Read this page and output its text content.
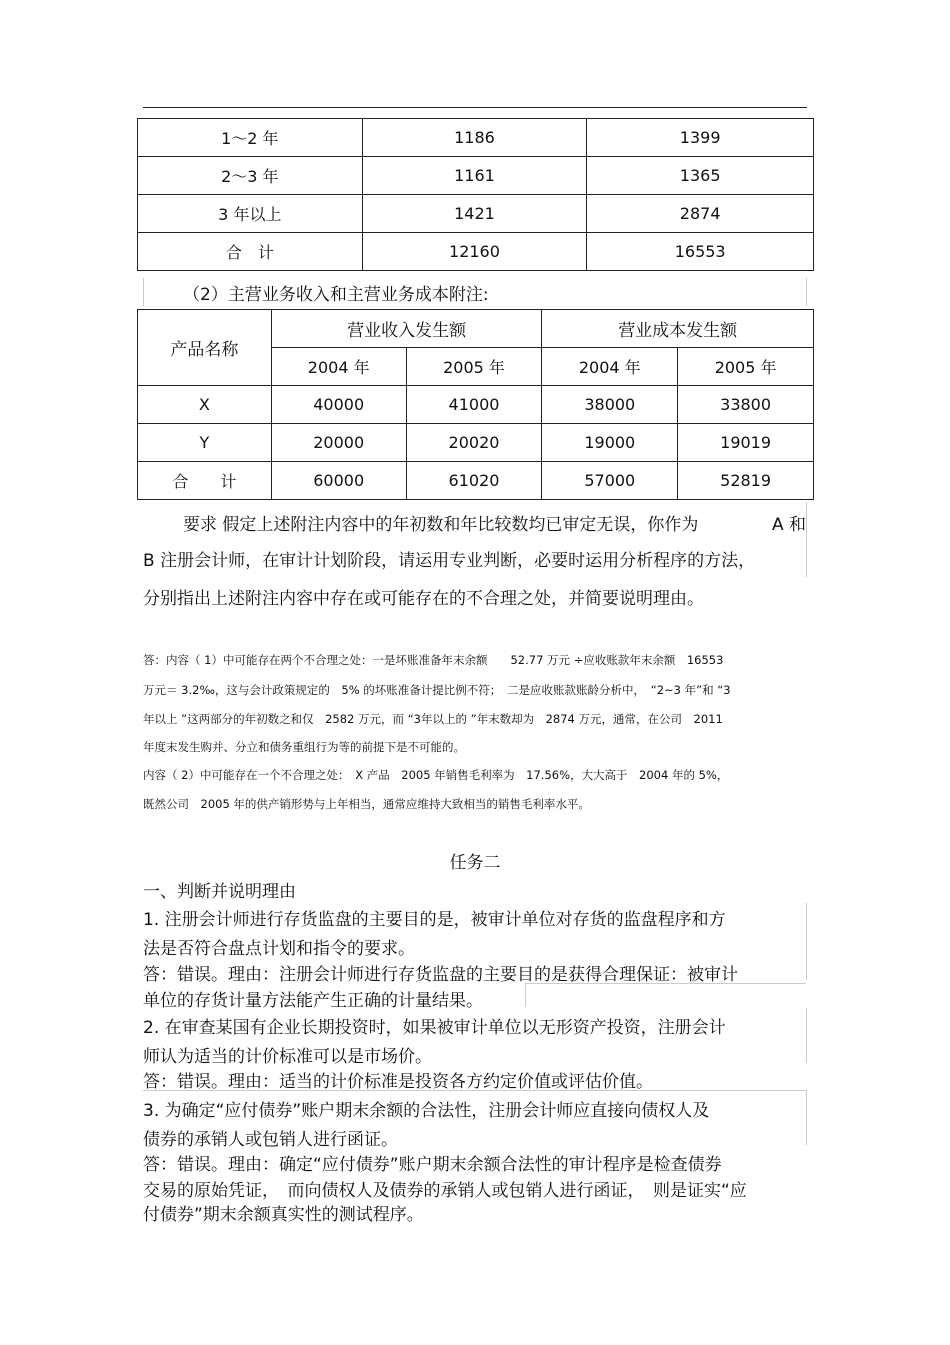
1～2 年	1186	1399
2～3 年	1161	1365
3 年以上	1421	2874
合　计	12160	16553
（2）主营业务收入和主营业务成本附注:
产品名称	营业收入发生额		营业成本发生额	
	2004 年	2005 年	2004 年	2005 年
X	40000	41000	38000	33800
Y	20000	20020	19000	19019
合　　计	60000	61020	57000	52819
要求 假定上述附注内容中的年初数和年比较数均已审定无误，你作为	A 和
B 注册会计师，在审计计划阶段，请运用专业判断，必要时运用分析程序的方法，
分别指出上述附注内容中存在或可能存在的不合理之处，并简要说明理由。
答：内容（ 1）中可能存在两个不合理之处：一是坏账准备年末余额　　52.77 万元 ÷应收账款年末余额　16553
万元＝ 3.2‰，这与会计政策规定的　5% 的坏账准备计提比例不符；　二是应收账款账龄分析中，　“2~3 年”和 “3
年以上 ”这两部分的年初数之和仅　2582 万元，而 “3年以上的 ”年末数却为　2874 万元，通常，在公司　2011
年度末发生购并、分立和债务重组行为等的前提下是不可能的。
内容（ 2）中可能存在一个不合理之处：　X 产品　2005 年销售毛利率为　17.56%，大大高于　2004 年的 5%，
既然公司　2005 年的供产销形势与上年相当，通常应维持大致相当的销售毛利率水平。
任务二
一、判断并说明理由
1. 注册会计师进行存货监盘的主要目的是，被审计单位对存货的监盘程序和方
法是否符合盘点计划和指令的要求。
答：错误。理由：注册会计师进行存货监盘的主要目的是获得合理保证：被审计
单位的存货计量方法能产生正确的计量结果。
2. 在审查某国有企业长期投资时，如果被审计单位以无形资产投资，注册会计
师认为适当的计价标准可以是市场价。
答：错误。理由：适当的计价标准是投资各方约定价值或评估价值。
3. 为确定“应付债券”账户期末余额的合法性，注册会计师应直接向债权人及
债券的承销人或包销人进行函证。
答：错误。理由：确定“应付债券”账户期末余额合法性的审计程序是检查债券
交易的原始凭证，　而向债权人及债券的承销人或包销人进行函证，　则是证实“应
付债券”期末余额真实性的测试程序。
